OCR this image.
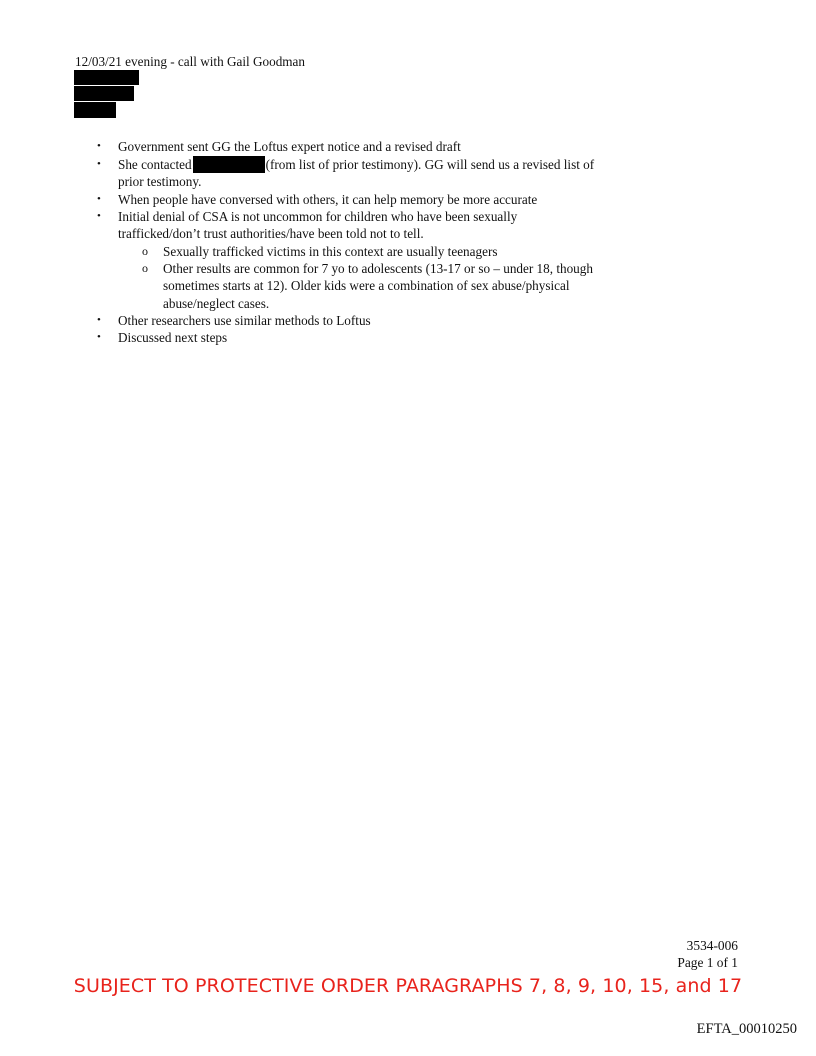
12/03/21 evening - call with Gail Goodman
• Government sent GG the Loftus expert notice and a revised draft
• She contacted	(from list of prior testimony). GG will send us a revised list of
prior testimony.
• When people have conversed with others, it can help memory be more accurate
• Initial denial of CSA is not uncommon for children who have been sexually
trafficked/don’t trust authorities/have been told not to tell.
o Sexually trafficked victims in this context are usually teenagers
o Other results are common for 7 yo to adolescents (13-17 or so – under 18, though
sometimes starts at 12). Older kids were a combination of sex abuse/physical
abuse/neglect cases.
• Other researchers use similar methods to Loftus
• Discussed next steps
3534-006
Page 1 of 1
SUBJECT TO PROTECTIVE ORDER PARAGRAPHS 7, 8, 9, 10, 15, and 17
EFTA_00010250
